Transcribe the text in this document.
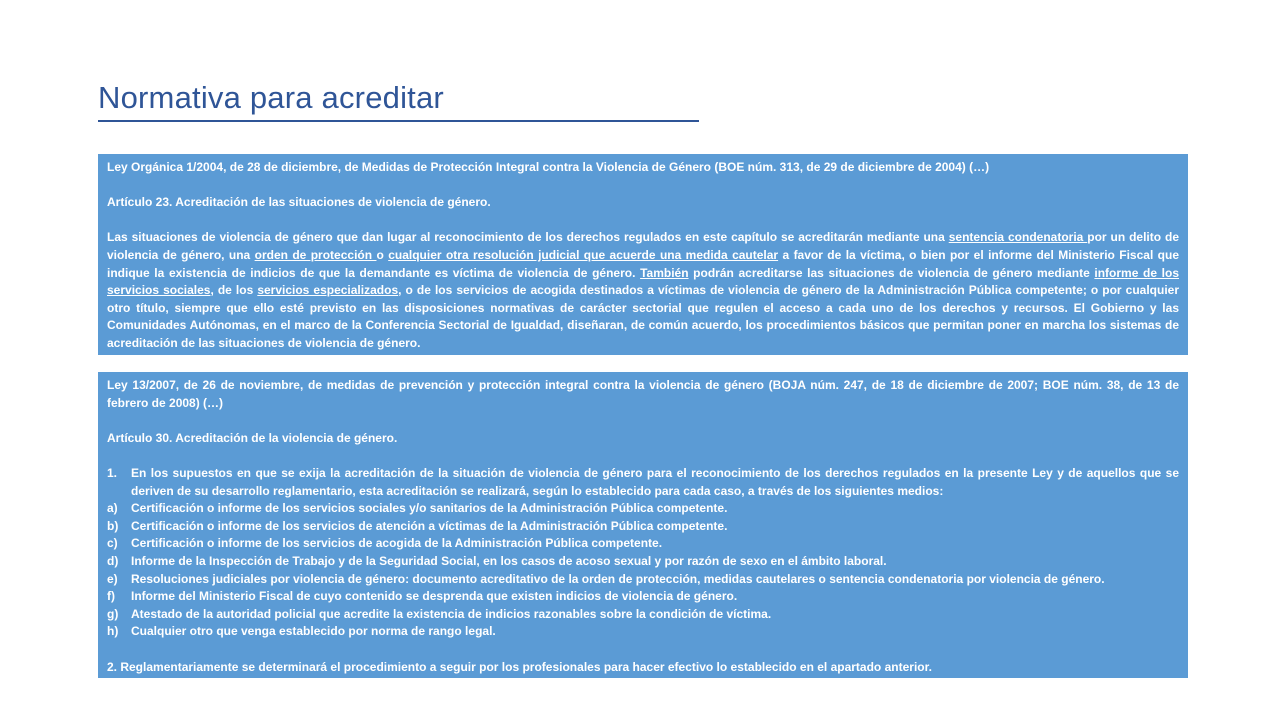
Normativa para acreditar

Ley Orgánica 1/2004, de 28 de diciembre, de Medidas de Protección Integral contra la Violencia de Género (BOE núm. 313, de 29 de diciembre de 2004) (…)

Artículo 23. Acreditación de las situaciones de violencia de género.

Las situaciones de violencia de género que dan lugar al reconocimiento de los derechos regulados en este capítulo se acreditarán mediante una sentencia condenatoria por un delito de violencia de género, una orden de protección o cualquier otra resolución judicial que acuerde una medida cautelar a favor de la víctima, o bien por el informe del Ministerio Fiscal que indique la existencia de indicios de que la demandante es víctima de violencia de género. También podrán acreditarse las situaciones de violencia de género mediante informe de los servicios sociales, de los servicios especializados, o de los servicios de acogida destinados a víctimas de violencia de género de la Administración Pública competente; o por cualquier otro título, siempre que ello esté previsto en las disposiciones normativas de carácter sectorial que regulen el acceso a cada uno de los derechos y recursos. El Gobierno y las Comunidades Autónomas, en el marco de la Conferencia Sectorial de Igualdad, diseñaran, de común acuerdo, los procedimientos básicos que permitan poner en marcha los sistemas de acreditación de las situaciones de violencia de género.

Ley 13/2007, de 26 de noviembre, de medidas de prevención y protección integral contra la violencia de género (BOJA núm. 247, de 18 de diciembre de 2007; BOE núm. 38, de 13 de febrero de 2008) (…)

Artículo 30. Acreditación de la violencia de género.

1.	En los supuestos en que se exija la acreditación de la situación de violencia de género para el reconocimiento de los derechos regulados en la presente Ley y de aquellos que se deriven de su desarrollo reglamentario, esta acreditación se realizará, según lo establecido para cada caso, a través de los siguientes medios:
a)	Certificación o informe de los servicios sociales y/o sanitarios de la Administración Pública competente.
b)	Certificación o informe de los servicios de atención a víctimas de la Administración Pública competente.
c)	Certificación o informe de los servicios de acogida de la Administración Pública competente.
d)	Informe de la Inspección de Trabajo y de la Seguridad Social, en los casos de acoso sexual y por razón de sexo en el ámbito laboral.
e)	Resoluciones judiciales por violencia de género: documento acreditativo de la orden de protección, medidas cautelares o sentencia condenatoria por violencia de género.
f)	Informe del Ministerio Fiscal de cuyo contenido se desprenda que existen indicios de violencia de género.
g)	Atestado de la autoridad policial que acredite la existencia de indicios razonables sobre la condición de víctima.
h)	Cualquier otro que venga establecido por norma de rango legal.

2. Reglamentariamente se determinará el procedimiento a seguir por los profesionales para hacer efectivo lo establecido en el apartado anterior.
